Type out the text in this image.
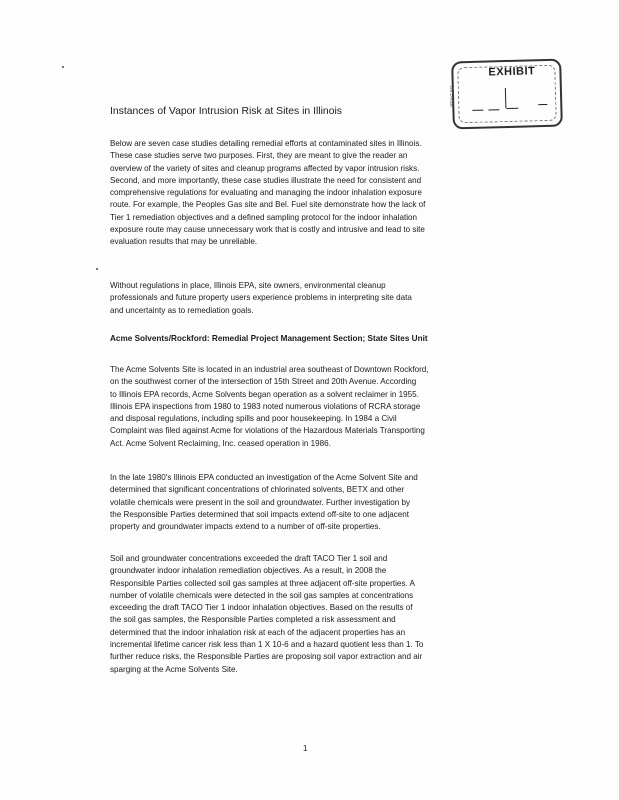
EXHIBIT
PENGAD
Instances of Vapor Intrusion Risk at Sites in Illinois
Below are seven case studies detailing remedial efforts at contaminated sites in Illinois.
These case studies serve two purposes. First, they are meant to give the reader an
overview of the variety of sites and cleanup programs affected by vapor intrusion risks.
Second, and more importantly, these case studies illustrate the need for consistent and
comprehensive regulations for evaluating and managing the indoor inhalation exposure
route. For example, the Peoples Gas site and Bel. Fuel site demonstrate how the lack of
Tier 1 remediation objectives and a defined sampling protocol for the indoor inhalation
exposure route may cause unnecessary work that is costly and intrusive and lead to site
evaluation results that may be unreliable.
Without regulations in place, Illinois EPA, site owners, environmental cleanup
professionals and future property users experience problems in interpreting site data
and uncertainty as to remediation goals.
Acme Solvents/Rockford: Remedial Project Management Section; State Sites Unit
The Acme Solvents Site is located in an industrial area southeast of Downtown Rockford,
on the southwest corner of the intersection of 15th Street and 20th Avenue. According
to Illinois EPA records, Acme Solvents began operation as a solvent reclaimer in 1955.
Illinois EPA inspections from 1980 to 1983 noted numerous violations of RCRA storage
and disposal regulations, including spills and poor housekeeping. In 1984 a Civil
Complaint was filed against Acme for violations of the Hazardous Materials Transporting
Act. Acme Solvent Reclaiming, Inc. ceased operation in 1986.
In the late 1980's Illinois EPA conducted an investigation of the Acme Solvent Site and
determined that significant concentrations of chlorinated solvents, BETX and other
volatile chemicals were present in the soil and groundwater. Further investigation by
the Responsible Parties determined that soil impacts extend off-site to one adjacent
property and groundwater impacts extend to a number of off-site properties.
Soil and groundwater concentrations exceeded the draft TACO Tier 1 soil and
groundwater indoor inhalation remediation objectives. As a result, in 2008 the
Responsible Parties collected soil gas samples at three adjacent off-site properties. A
number of volatile chemicals were detected in the soil gas samples at concentrations
exceeding the draft TACO Tier 1 indoor inhalation objectives. Based on the results of
the soil gas samples, the Responsible Parties completed a risk assessment and
determined that the indoor inhalation risk at each of the adjacent properties has an
incremental lifetime cancer risk less than 1 X 10-6 and a hazard quotient less than 1. To
further reduce risks, the Responsible Parties are proposing soil vapor extraction and air
sparging at the Acme Solvents Site.
1
